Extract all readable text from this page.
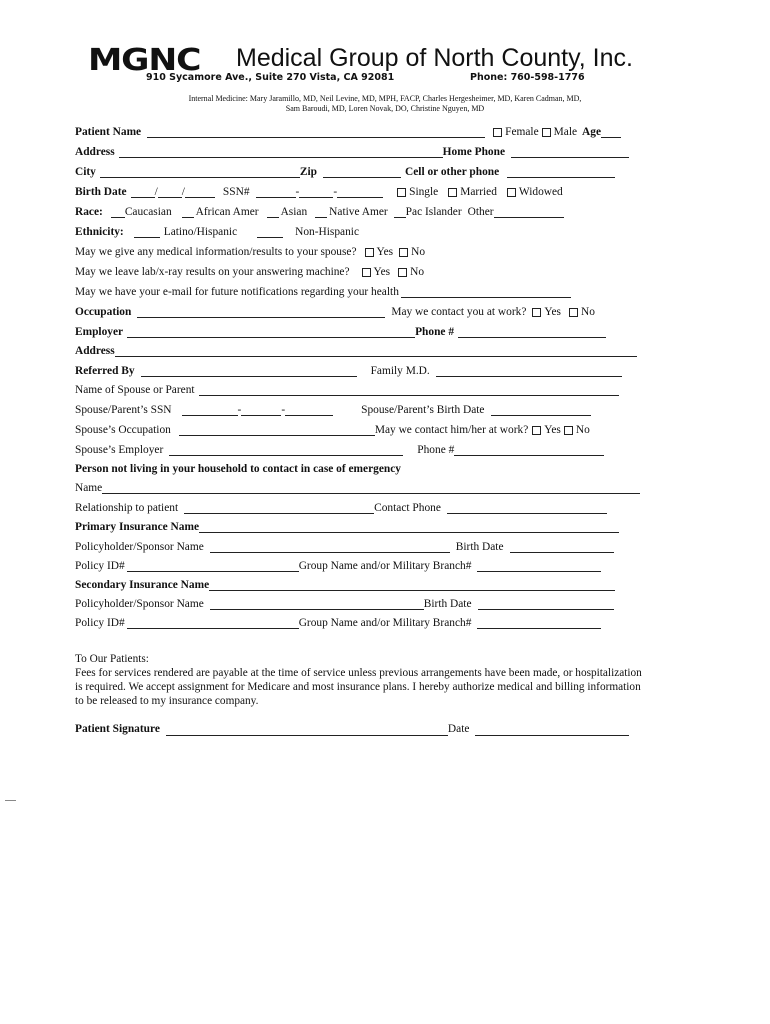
MGNC Medical Group of North County, Inc.
910 Sycamore Ave., Suite 270 Vista, CA 92081	Phone: 760-598-1776
Internal Medicine: Mary Jaramillo, MD, Neil Levine, MD, MPH, FACP, Charles Hergesheimer, MD, Karen Cadman, MD,
Sam Baroudi, MD, Loren Novak, DO, Christine Nguyen, MD
Patient Name	Female Male Age
Address	Home Phone
City	Zip	Cell or other phone
Birth Date / /	SSN#	-	-	Single Married Widowed
Race: Caucasian African Amer Asian Native Amer Pac Islander Other
Ethnicity:	Latino/Hispanic	Non-Hispanic
May we give any medical information/results to your spouse? Yes No
May we leave lab/x-ray results on your answering machine? Yes No
May we have your e-mail for future notifications regarding your health
Occupation	May we contact you at work? Yes No
Employer	Phone #
Address
Referred By	Family M.D.
Name of Spouse or Parent
Spouse/Parent’s SSN	-	-	Spouse/Parent’s Birth Date
Spouse’s Occupation	May we contact him/her at work? Yes No
Spouse’s Employer	Phone #
Person not living in your household to contact in case of emergency
Name
Relationship to patient	Contact Phone
Primary Insurance Name
Policyholder/Sponsor Name	Birth Date
Policy ID#	Group Name and/or Military Branch#
Secondary Insurance Name
Policyholder/Sponsor Name	Birth Date
Policy ID#	Group Name and/or Military Branch#
To Our Patients:
Fees for services rendered are payable at the time of service unless previous arrangements have been made, or hospitalization is required. We accept assignment for Medicare and most insurance plans. I hereby authorize medical and billing information to be released to my insurance company.
Patient Signature	Date
